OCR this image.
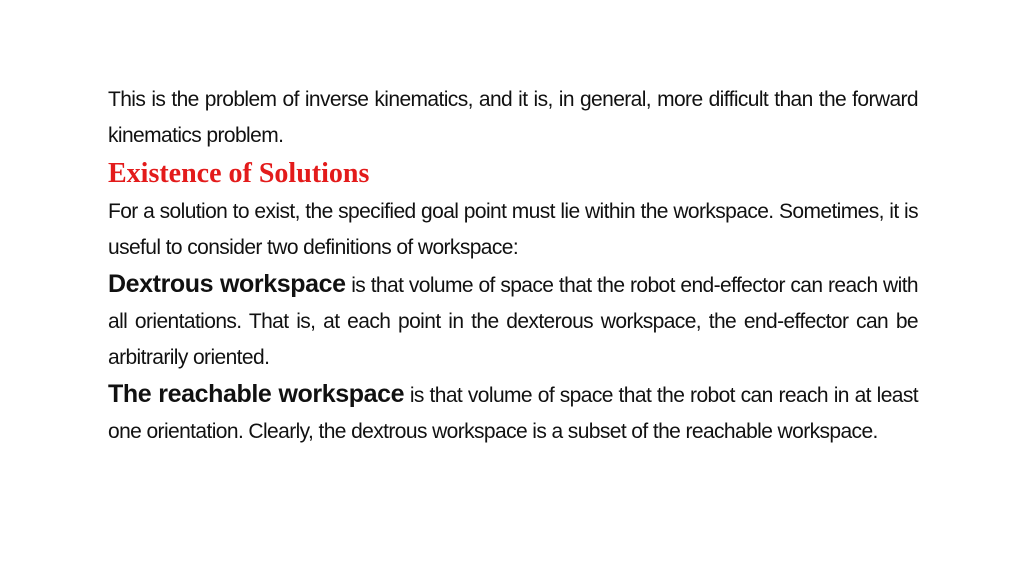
This is the problem of inverse kinematics, and it is, in general, more difficult than the forward kinematics problem.

Existence of Solutions

For a solution to exist, the specified goal point must lie within the workspace. Sometimes, it is useful to consider two definitions of workspace:

Dextrous workspace is that volume of space that the robot end-effector can reach with all orientations. That is, at each point in the dexterous workspace, the end-effector can be arbitrarily oriented.

The reachable workspace is that volume of space that the robot can reach in at least one orientation. Clearly, the dextrous workspace is a subset of the reachable workspace.
